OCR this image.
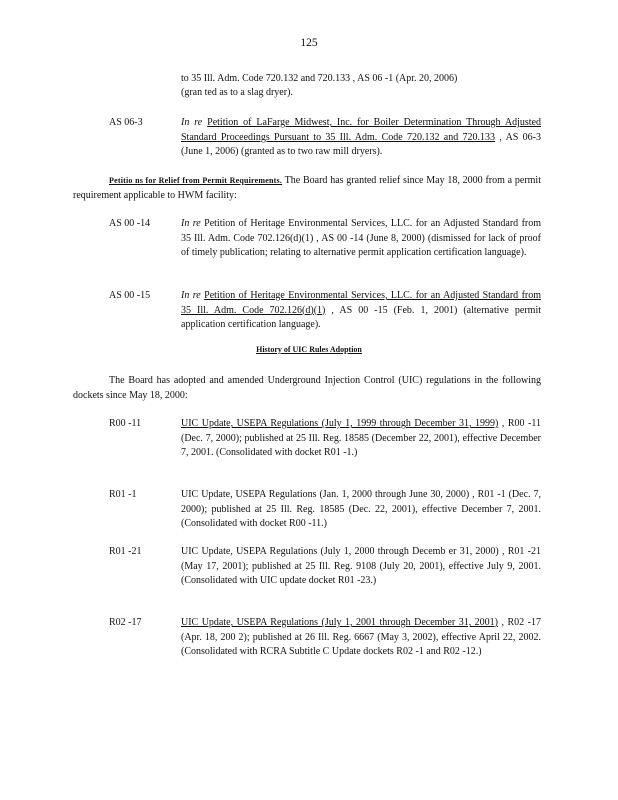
125
to 35 Ill. Adm. Code 720.132 and 720.133 , AS 06 -1 (Apr. 20, 2006)
(gran ted as to a slag dryer).
AS 06-3	In re Petition of LaFarge Midwest, Inc. for Boiler Determination Through Adjusted Standard Proceedings Pursuant to 35 Ill. Adm. Code 720.132 and 720.133 , AS 06-3 (June 1, 2006) (granted as to two raw mill dryers).
Petitio ns for Relief from Permit Requirements. The Board has granted relief since May 18, 2000 from a permit requirement applicable to HWM facility:
AS 00 -14	In re Petition of Heritage Environmental Services, LLC. for an Adjusted Standard from 35 Ill. Adm. Code 702.126(d)(1) , AS 00 -14 (June 8, 2000) (dismissed for lack of proof of timely publication; relating to alternative permit application certification language).
AS 00 -15	In re Petition of Heritage Environmental Services, LLC. for an Adjusted Standard from 35 Ill. Adm. Code 702.126(d)(1) , AS 00 -15 (Feb. 1, 2001) (alternative permit application certification language).
History of UIC Rules Adoption
The Board has adopted and amended Underground Injection Control (UIC) regulations in the following dockets since May 18, 2000:
R00 -11	UIC Update, USEPA Regulations (July 1, 1999 through December 31, 1999) , R00 -11 (Dec. 7, 2000); published at 25 Ill. Reg. 18585 (December 22, 2001), effective December 7, 2001. (Consolidated with docket R01 -1.)
R01 -1	UIC Update, USEPA Regulations (Jan. 1, 2000 through June 30, 2000) , R01 -1 (Dec. 7, 2000); published at 25 Ill. Reg. 18585 (Dec. 22, 2001), effective December 7, 2001. (Consolidated with docket R00 -11.)
R01 -21	UIC Update, USEPA Regulations (July 1, 2000 through Decemb er 31, 2000) , R01 -21 (May 17, 2001); published at 25 Ill. Reg. 9108 (July 20, 2001), effective July 9, 2001. (Consolidated with UIC update docket R01 -23.)
R02 -17	UIC Update, USEPA Regulations (July 1, 2001 through December 31, 2001) , R02 -17 (Apr. 18, 200 2); published at 26 Ill. Reg. 6667 (May 3, 2002), effective April 22, 2002. (Consolidated with RCRA Subtitle C Update dockets R02 -1 and R02 -12.)
